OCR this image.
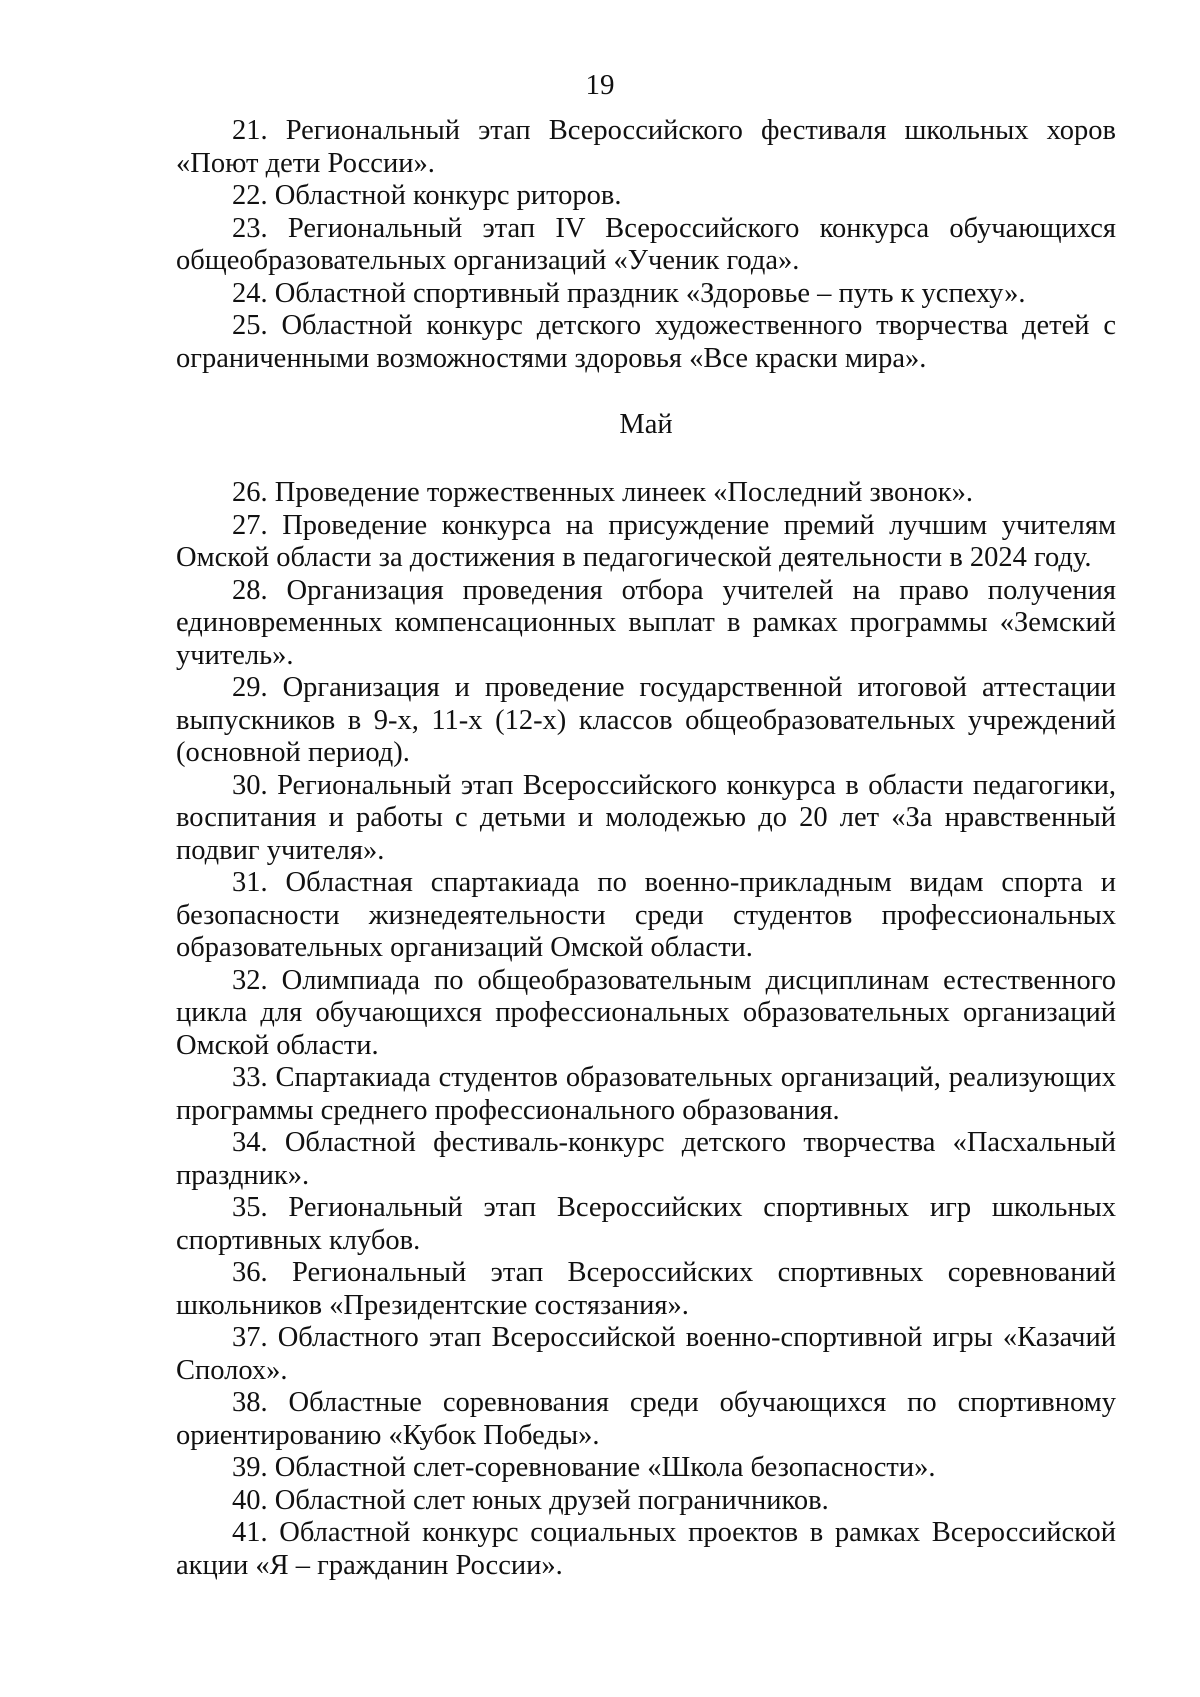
19

21. Региональный этап Всероссийского фестиваля школьных хоров «Поют дети России».

22. Областной конкурс риторов.

23. Региональный этап IV Всероссийского конкурса обучающихся общеобразовательных организаций «Ученик года».

24. Областной спортивный праздник «Здоровье – путь к успеху».

25. Областной конкурс детского художественного творчества детей с ограниченными возможностями здоровья «Все краски мира».

Май

26. Проведение торжественных линеек «Последний звонок».

27. Проведение конкурса на присуждение премий лучшим учителям Омской области за достижения в педагогической деятельности в 2024 году.

28. Организация проведения отбора учителей на право получения единовременных компенсационных выплат в рамках программы «Земский учитель».

29. Организация и проведение государственной итоговой аттестации выпускников в 9-х, 11-х (12-х) классов общеобразовательных учреждений (основной период).

30. Региональный этап Всероссийского конкурса в области педагогики, воспитания и работы с детьми и молодежью до 20 лет «За нравственный подвиг учителя».

31. Областная спартакиада по военно-прикладным видам спорта и безопасности жизнедеятельности среди студентов профессиональных образовательных организаций Омской области.

32. Олимпиада по общеобразовательным дисциплинам естественного цикла для обучающихся профессиональных образовательных организаций Омской области.

33. Спартакиада студентов образовательных организаций, реализующих программы среднего профессионального образования.

34. Областной фестиваль-конкурс детского творчества «Пасхальный праздник».

35. Региональный этап Всероссийских спортивных игр школьных спортивных клубов.

36. Региональный этап Всероссийских спортивных соревнований школьников «Президентские состязания».

37. Областного этап Всероссийской военно-спортивной игры «Казачий Сполох».

38. Областные соревнования среди обучающихся по спортивному ориентированию «Кубок Победы».

39. Областной слет-соревнование «Школа безопасности».

40. Областной слет юных друзей пограничников.

41. Областной конкурс социальных проектов в рамках Всероссийской акции «Я – гражданин России».
